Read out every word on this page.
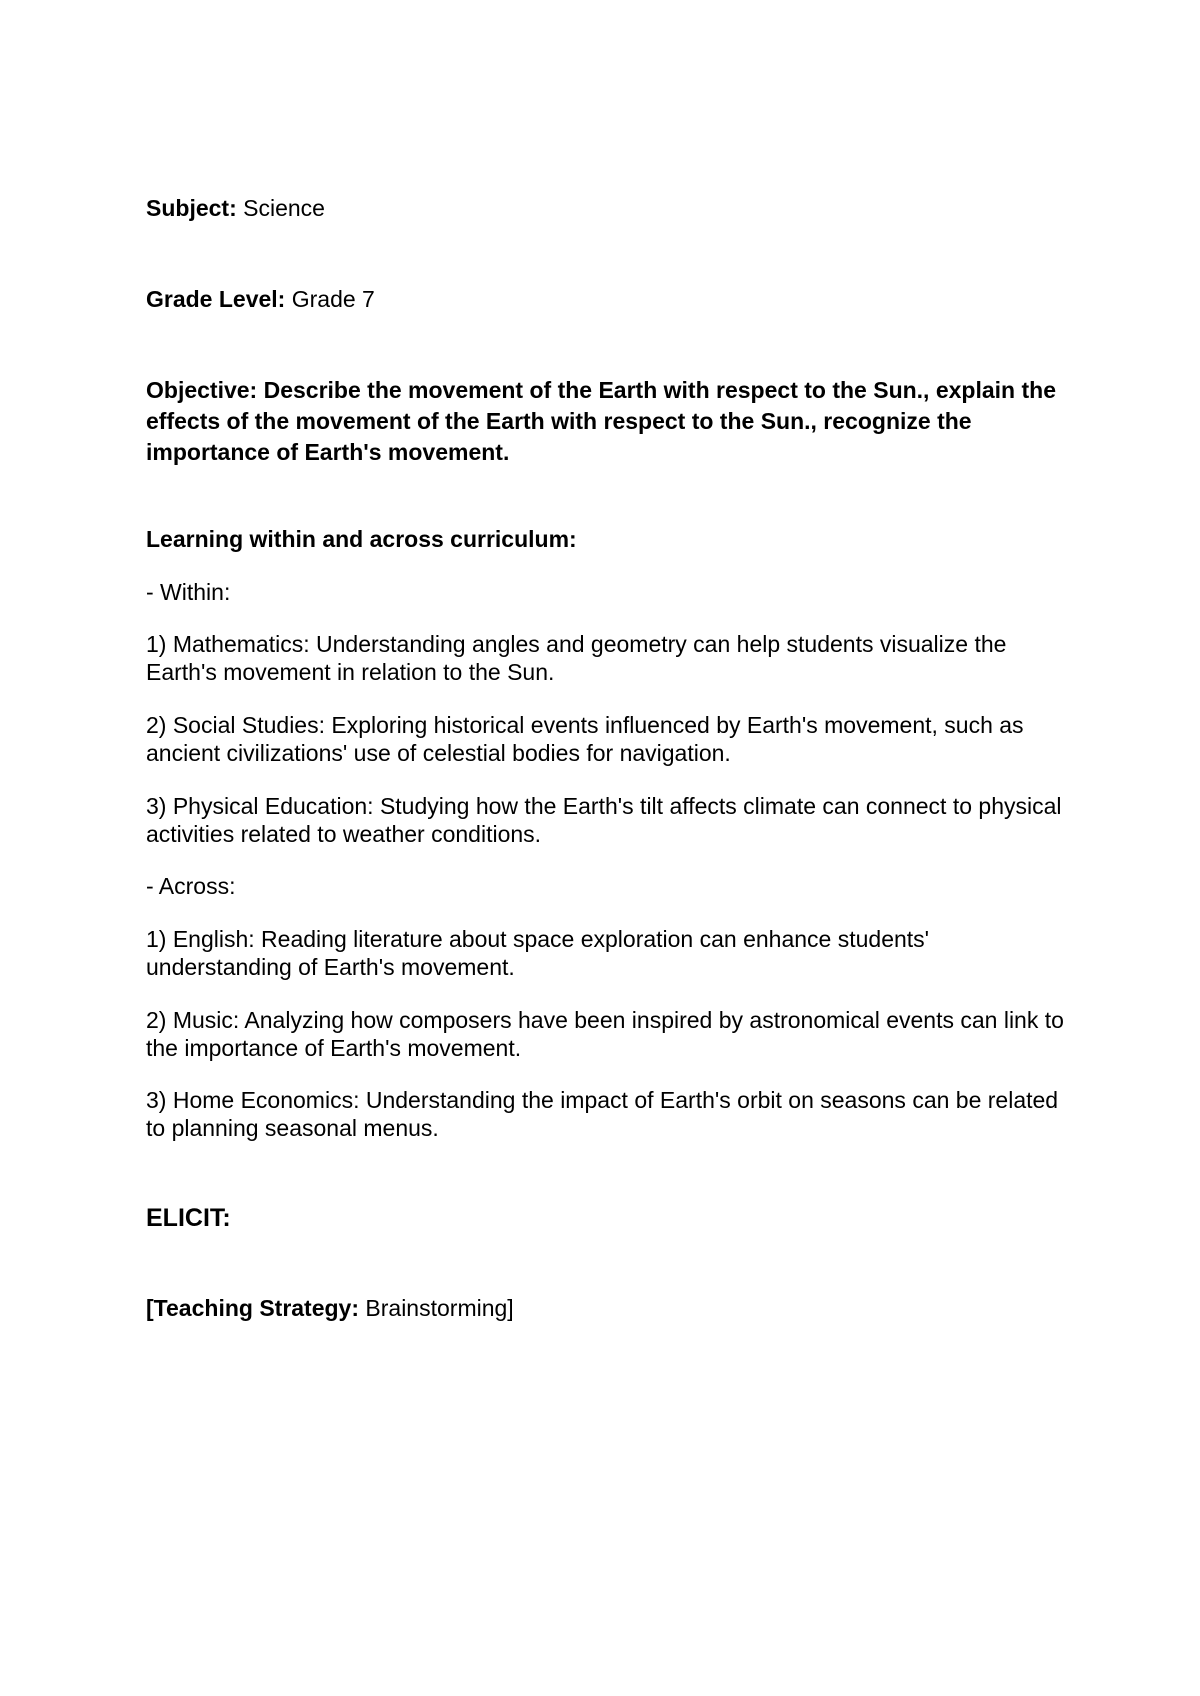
Subject: Science

Grade Level: Grade 7

Objective: Describe the movement of the Earth with respect to the Sun., explain the effects of the movement of the Earth with respect to the Sun., recognize the importance of Earth's movement.

Learning within and across curriculum:

- Within:

1) Mathematics: Understanding angles and geometry can help students visualize the Earth's movement in relation to the Sun.

2) Social Studies: Exploring historical events influenced by Earth's movement, such as ancient civilizations' use of celestial bodies for navigation.

3) Physical Education: Studying how the Earth's tilt affects climate can connect to physical activities related to weather conditions.

- Across:

1) English: Reading literature about space exploration can enhance students' understanding of Earth's movement.

2) Music: Analyzing how composers have been inspired by astronomical events can link to the importance of Earth's movement.

3) Home Economics: Understanding the impact of Earth's orbit on seasons can be related to planning seasonal menus.

ELICIT:

[Teaching Strategy: Brainstorming]
